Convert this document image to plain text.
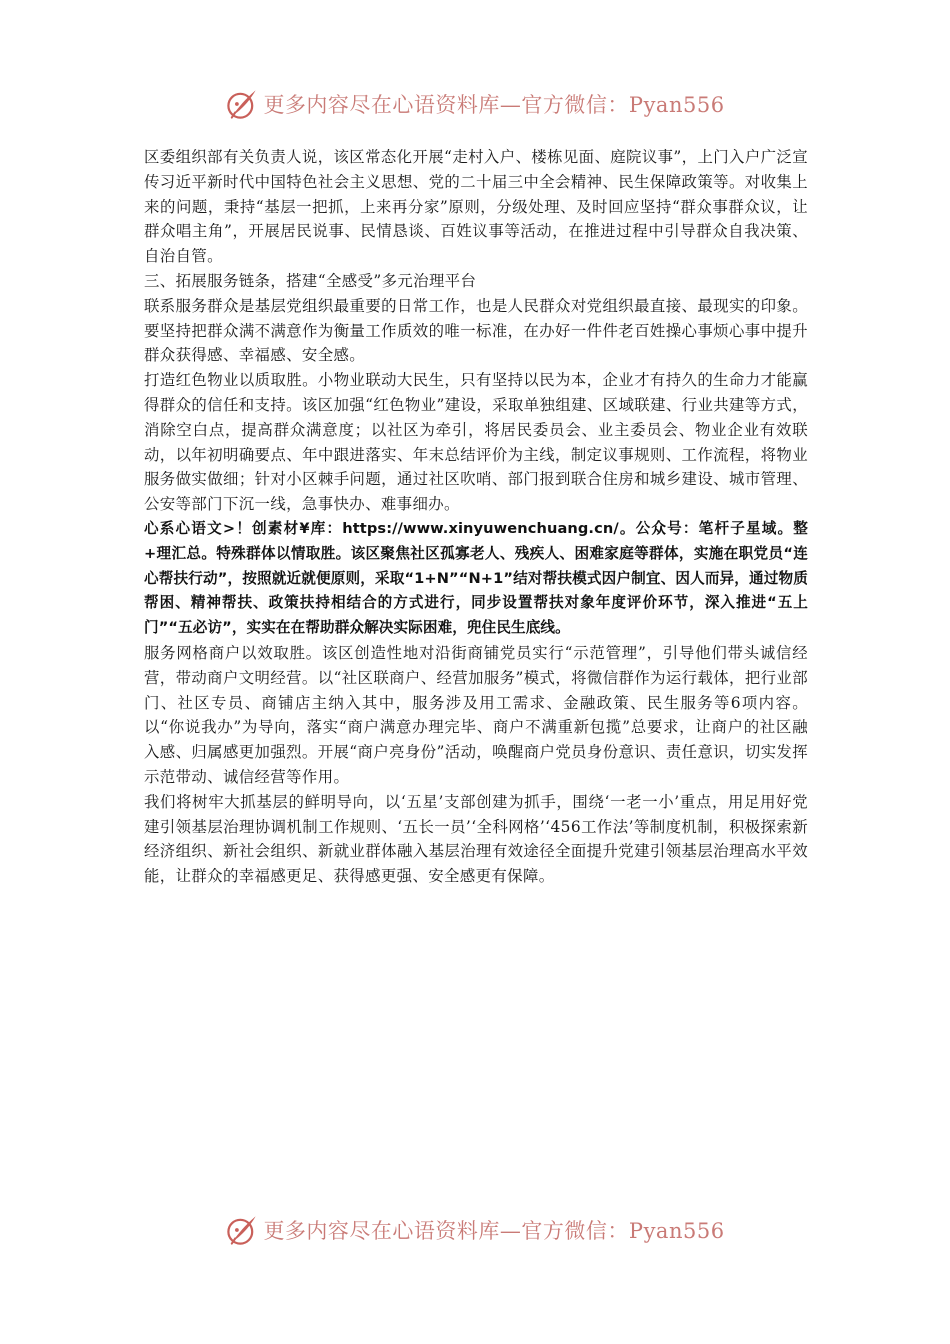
更多内容尽在心语资料库—官方微信：Pyan556

区委组织部有关负责人说，该区常态化开展“走村入户、楼栋见面、庭院议事”，上门入户广泛宣传习近平新时代中国特色社会主义思想、党的二十届三中全会精神、民生保障政策等。对收集上来的问题，秉持“基层一把抓，上来再分家”原则，分级处理、及时回应坚持“群众事群众议，让群众唱主角”，开展居民说事、民情恳谈、百姓议事等活动，在推进过程中引导群众自我决策、自治自管。

三、拓展服务链条，搭建“全感受”多元治理平台

联系服务群众是基层党组织最重要的日常工作，也是人民群众对党组织最直接、最现实的印象。要坚持把群众满不满意作为衡量工作质效的唯一标准，在办好一件件老百姓操心事烦心事中提升群众获得感、幸福感、安全感。

打造红色物业以质取胜。小物业联动大民生，只有坚持以民为本，企业才有持久的生命力才能赢得群众的信任和支持。该区加强“红色物业”建设，采取单独组建、区域联建、行业共建等方式，消除空白点，提高群众满意度；以社区为牵引，将居民委员会、业主委员会、物业企业有效联动，以年初明确要点、年中跟进落实、年末总结评价为主线，制定议事规则、工作流程，将物业服务做实做细；针对小区棘手问题，通过社区吹哨、部门报到联合住房和城乡建设、城市管理、公安等部门下沉一线，急事快办、难事细办。

心系心语文>！创素材¥库：https://www.xinyuwenchuang.cn/。公众号：笔杆子星域。整+理汇总。特殊群体以情取胜。该区聚焦社区孤寡老人、残疾人、困难家庭等群体，实施在职党员“连心帮扶行动”，按照就近就便原则，采取“1+N”“N+1”结对帮扶模式因户制宜、因人而异，通过物质帮困、精神帮扶、政策扶持相结合的方式进行，同步设置帮扶对象年度评价环节，深入推进“五上门”“五必访”，实实在在帮助群众解决实际困难，兜住民生底线。

服务网格商户以效取胜。该区创造性地对沿街商铺党员实行“示范管理”，引导他们带头诚信经营，带动商户文明经营。以“社区联商户、经营加服务”模式，将微信群作为运行载体，把行业部门、社区专员、商铺店主纳入其中，服务涉及用工需求、金融政策、民生服务等6项内容。以“你说我办”为导向，落实“商户满意办理完毕、商户不满重新包揽”总要求，让商户的社区融入感、归属感更加强烈。开展“商户亮身份”活动，唤醒商户党员身份意识、责任意识，切实发挥示范带动、诚信经营等作用。

我们将树牢大抓基层的鲜明导向，以‘五星’支部创建为抓手，围绕‘一老一小’重点，用足用好党建引领基层治理协调机制工作规则、‘五长一员’‘全科网格’‘456工作法’等制度机制，积极探索新经济组织、新社会组织、新就业群体融入基层治理有效途径全面提升党建引领基层治理高水平效能，让群众的幸福感更足、获得感更强、安全感更有保障。

更多内容尽在心语资料库—官方微信：Pyan556
